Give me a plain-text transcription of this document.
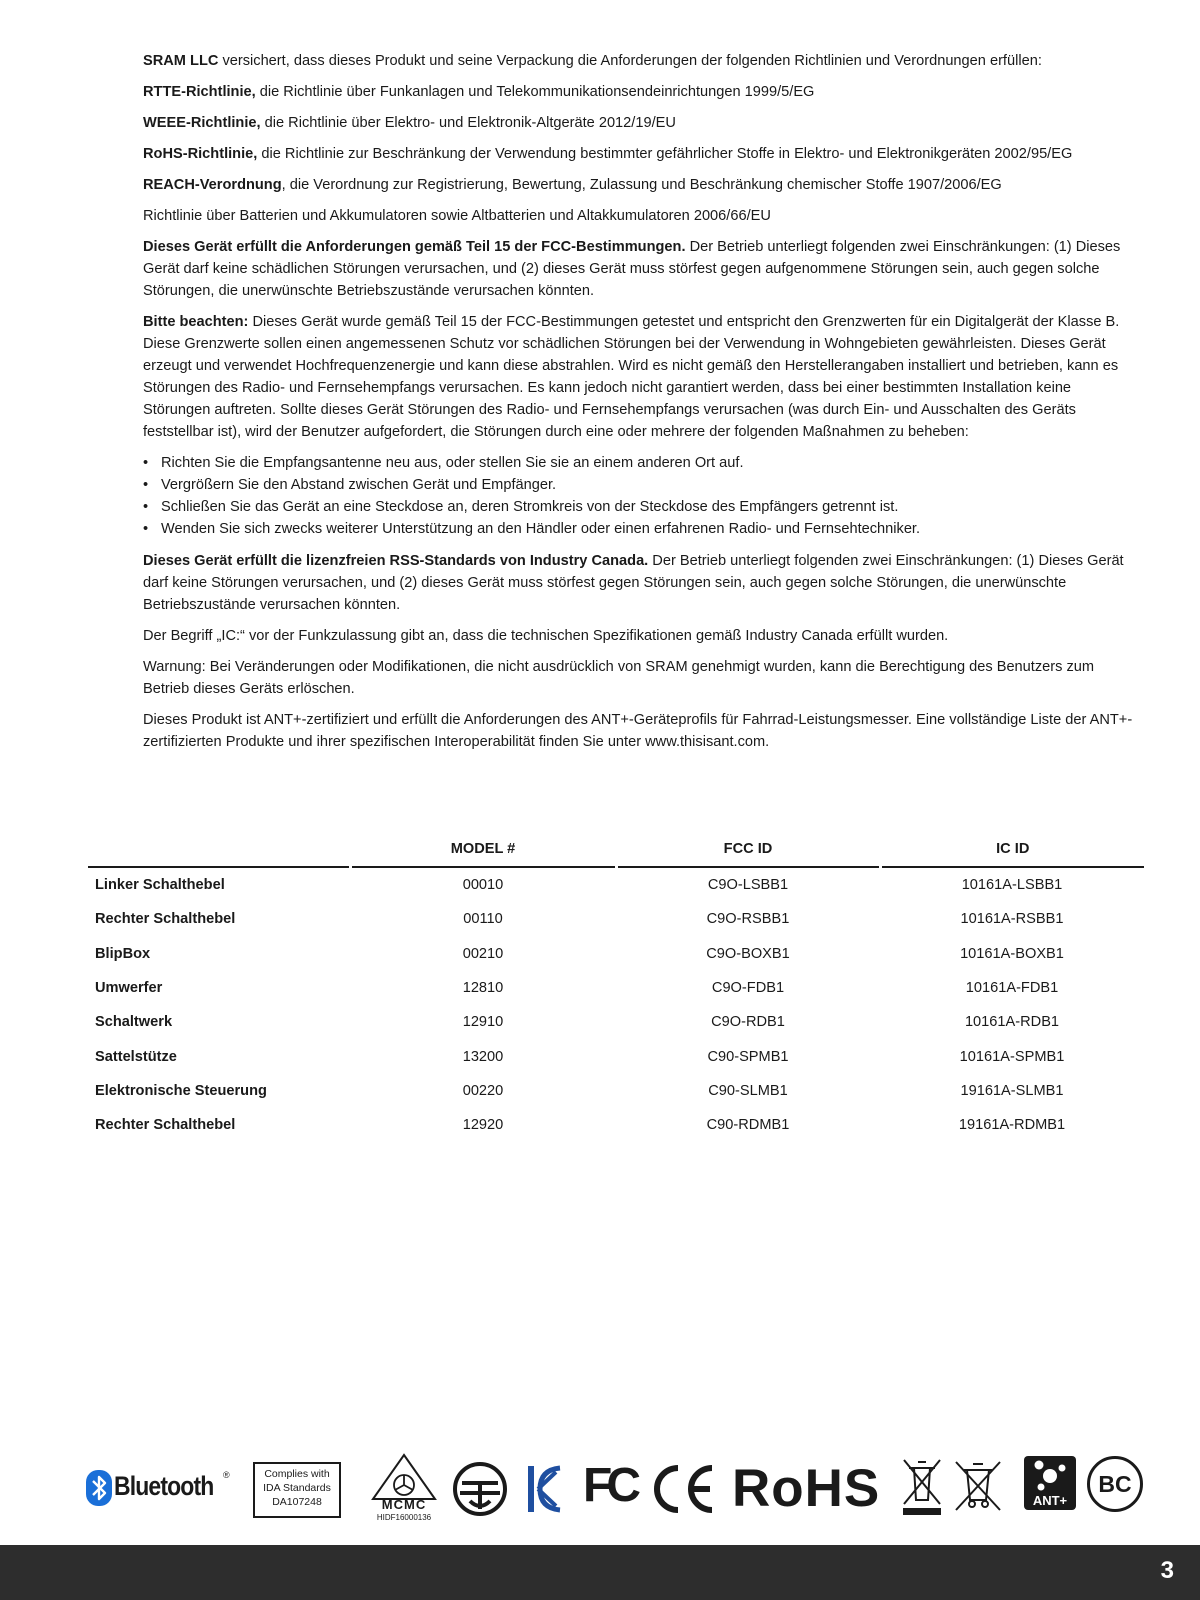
SRAM LLC versichert, dass dieses Produkt und seine Verpackung die Anforderungen der folgenden Richtlinien und Verordnungen erfüllen:

RTTE-Richtlinie, die Richtlinie über Funkanlagen und Telekommunikationsendeinrichtungen 1999/5/EG

WEEE-Richtlinie, die Richtlinie über Elektro- und Elektronik-Altgeräte 2012/19/EU

RoHS-Richtlinie, die Richtlinie zur Beschränkung der Verwendung bestimmter gefährlicher Stoffe in Elektro- und Elektronikgeräten 2002/95/EG

REACH-Verordnung, die Verordnung zur Registrierung, Bewertung, Zulassung und Beschränkung chemischer Stoffe 1907/2006/EG

Richtlinie über Batterien und Akkumulatoren sowie Altbatterien und Altakkumulatoren 2006/66/EU

Dieses Gerät erfüllt die Anforderungen gemäß Teil 15 der FCC-Bestimmungen. Der Betrieb unterliegt folgenden zwei Einschränkungen: (1) Dieses Gerät darf keine schädlichen Störungen verursachen, und (2) dieses Gerät muss störfest gegen aufgenommene Störungen sein, auch gegen solche Störungen, die unerwünschte Betriebszustände verursachen könnten.

Bitte beachten: Dieses Gerät wurde gemäß Teil 15 der FCC-Bestimmungen getestet und entspricht den Grenzwerten für ein Digitalgerät der Klasse B. Diese Grenzwerte sollen einen angemessenen Schutz vor schädlichen Störungen bei der Verwendung in Wohngebieten gewährleisten. Dieses Gerät erzeugt und verwendet Hochfrequenzenergie und kann diese abstrahlen. Wird es nicht gemäß den Herstellerangaben installiert und betrieben, kann es Störungen des Radio- und Fernsehempfangs verursachen. Es kann jedoch nicht garantiert werden, dass bei einer bestimmten Installation keine Störungen auftreten. Sollte dieses Gerät Störungen des Radio- und Fernsehempfangs verursachen (was durch Ein- und Ausschalten des Geräts feststellbar ist), wird der Benutzer aufgefordert, die Störungen durch eine oder mehrere der folgenden Maßnahmen zu beheben:

• Richten Sie die Empfangsantenne neu aus, oder stellen Sie sie an einem anderen Ort auf.
• Vergrößern Sie den Abstand zwischen Gerät und Empfänger.
• Schließen Sie das Gerät an eine Steckdose an, deren Stromkreis von der Steckdose des Empfängers getrennt ist.
• Wenden Sie sich zwecks weiterer Unterstützung an den Händler oder einen erfahrenen Radio- und Fernsehtechniker.

Dieses Gerät erfüllt die lizenzfreien RSS-Standards von Industry Canada. Der Betrieb unterliegt folgenden zwei Einschränkungen: (1) Dieses Gerät darf keine Störungen verursachen, und (2) dieses Gerät muss störfest gegen Störungen sein, auch gegen solche Störungen, die unerwünschte Betriebszustände verursachen könnten.

Der Begriff „IC:“ vor der Funkzulassung gibt an, dass die technischen Spezifikationen gemäß Industry Canada erfüllt wurden.

Warnung: Bei Veränderungen oder Modifikationen, die nicht ausdrücklich von SRAM genehmigt wurden, kann die Berechtigung des Benutzers zum Betrieb dieses Geräts erlöschen.

Dieses Produkt ist ANT+-zertifiziert und erfüllt die Anforderungen des ANT+-Geräteprofils für Fahrrad-Leistungsmesser. Eine vollständige Liste der ANT+-zertifizierten Produkte und ihrer spezifischen Interoperabilität finden Sie unter www.thisisant.com.

	MODEL #	FCC ID	IC ID
Linker Schalthebel	00010	C9O-LSBB1	10161A-LSBB1
Rechter Schalthebel	00110	C9O-RSBB1	10161A-RSBB1
BlipBox	00210	C9O-BOXB1	10161A-BOXB1
Umwerfer	12810	C9O-FDB1	10161A-FDB1
Schaltwerk	12910	C9O-RDB1	10161A-RDB1
Sattelstütze	13200	C90-SPMB1	10161A-SPMB1
Elektronische Steuerung	00220	C90-SLMB1	19161A-SLMB1
Rechter Schalthebel	12920	C90-RDMB1	19161A-RDMB1
Bluetooth ®	Complies with
IDA Standards
DA107248	MCMC
HIDF16000136
FC RoHS	ANT+
BC
3
